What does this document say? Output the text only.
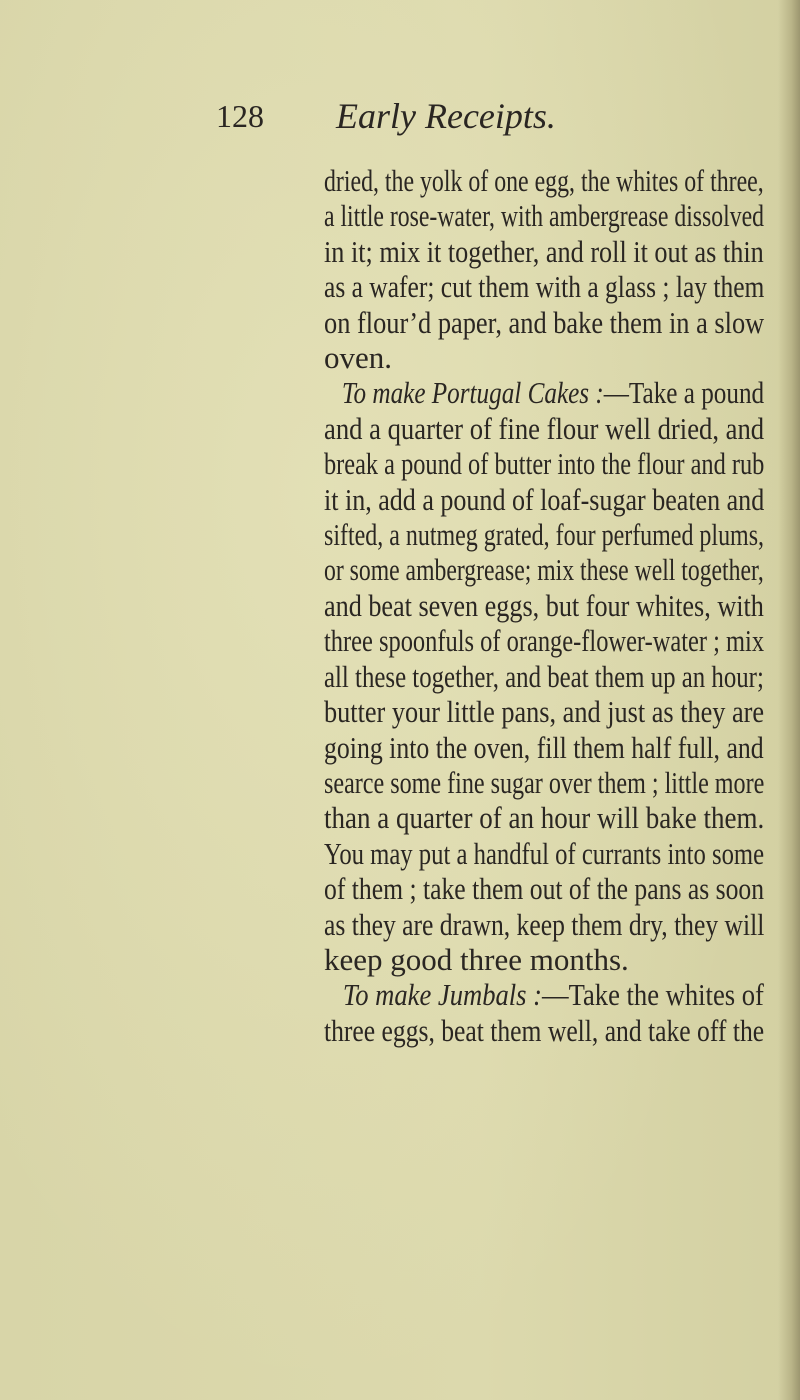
128 Early Receipts.
dried, the yolk of one egg, the whites of three,
a little rose-water, with ambergrease dissolved
in it; mix it together, and roll it out as thin
as a wafer; cut them with a glass ; lay them
on flour’d paper, and bake them in a slow
oven.
To make Portugal Cakes :—Take a pound
and a quarter of fine flour well dried, and
break a pound of butter into the flour and rub
it in, add a pound of loaf-sugar beaten and
sifted, a nutmeg grated, four perfumed plums,
or some ambergrease; mix these well together,
and beat seven eggs, but four whites, with
three spoonfuls of orange-flower-water ; mix
all these together, and beat them up an hour;
butter your little pans, and just as they are
going into the oven, fill them half full, and
searce some fine sugar over them ; little more
than a quarter of an hour will bake them.
You may put a handful of currants into some
of them ; take them out of the pans as soon
as they are drawn, keep them dry, they will
keep good three months.
To make Jumbals :—Take the whites of
three eggs, beat them well, and take off the
